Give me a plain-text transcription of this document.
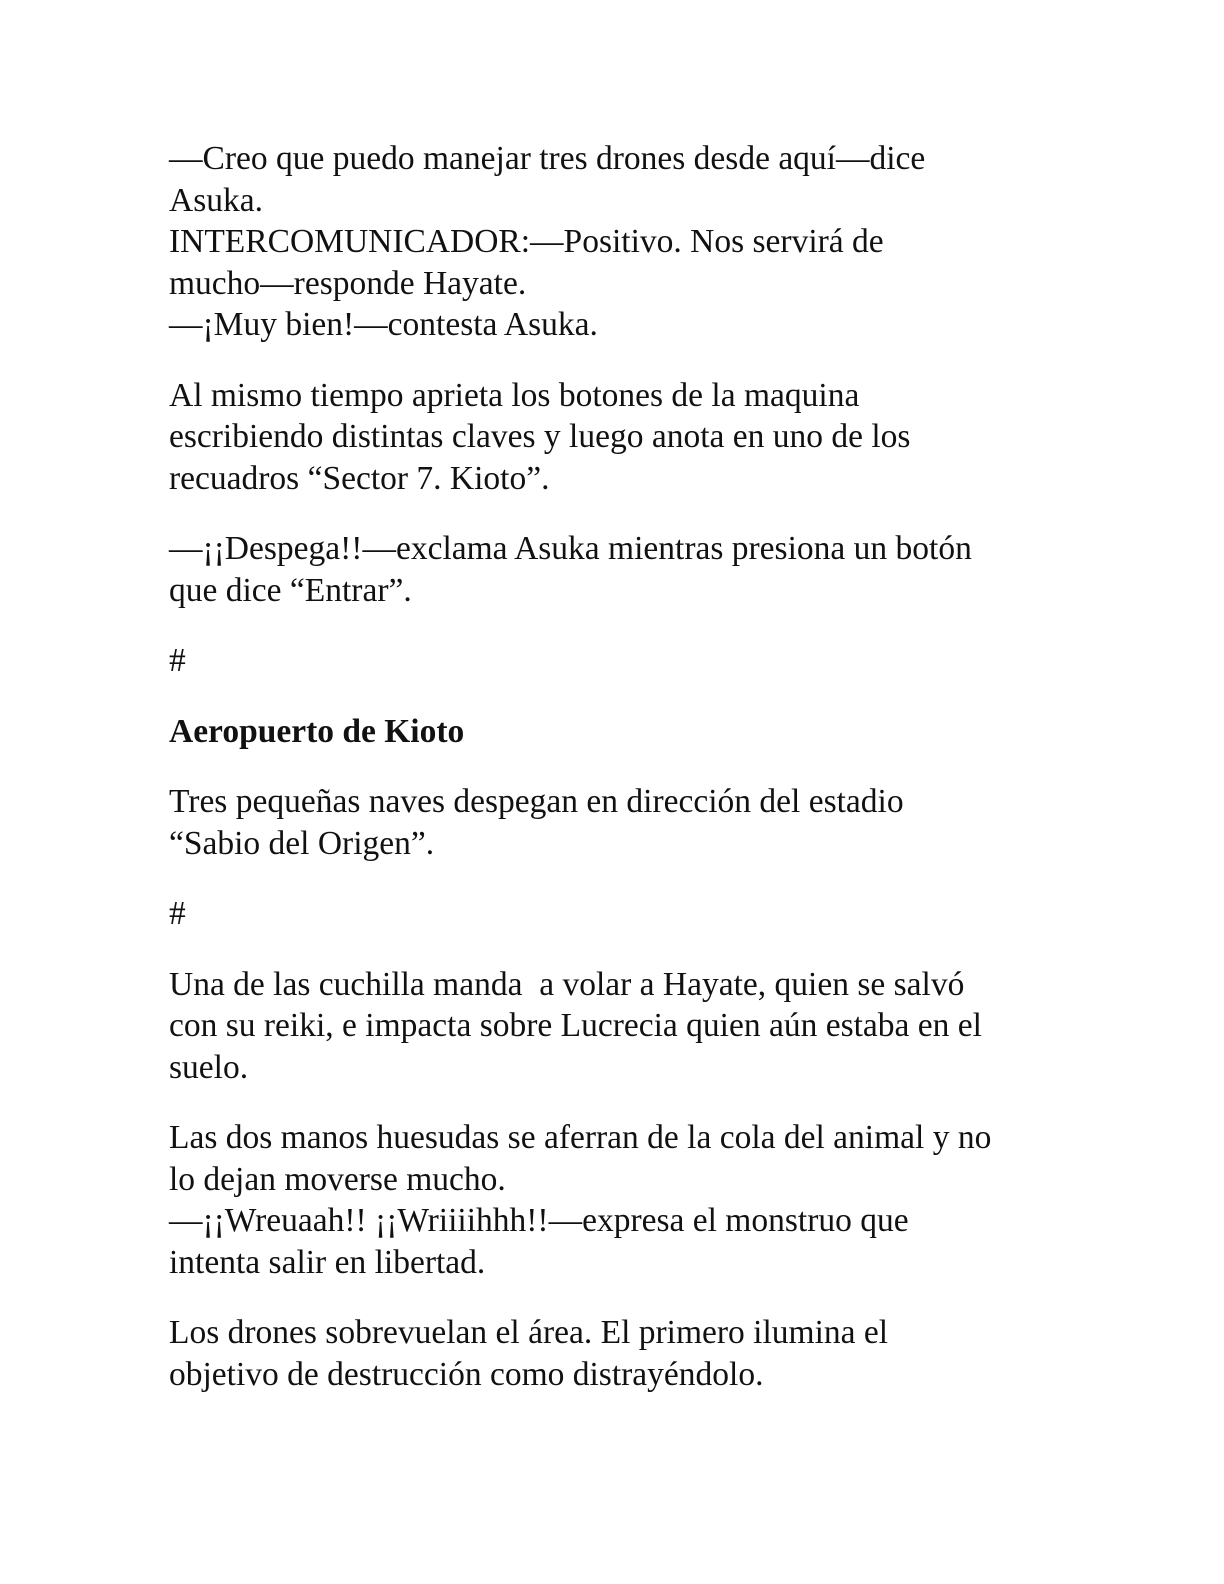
—Creo que puedo manejar tres drones desde aquí—dice
Asuka.
INTERCOMUNICADOR:—Positivo. Nos servirá de
mucho—responde Hayate.
—¡Muy bien!—contesta Asuka.
Al mismo tiempo aprieta los botones de la maquina
escribiendo distintas claves y luego anota en uno de los
recuadros “Sector 7. Kioto”.
—¡¡Despega!!—exclama Asuka mientras presiona un botón
que dice “Entrar”.
#
Aeropuerto de Kioto
Tres pequeñas naves despegan en dirección del estadio
“Sabio del Origen”.
#
Una de las cuchilla manda  a volar a Hayate, quien se salvó
con su reiki, e impacta sobre Lucrecia quien aún estaba en el
suelo.
Las dos manos huesudas se aferran de la cola del animal y no
lo dejan moverse mucho.
—¡¡Wreuaah!! ¡¡Wriiiihhh!!—expresa el monstruo que
intenta salir en libertad.
Los drones sobrevuelan el área. El primero ilumina el
objetivo de destrucción como distrayéndolo.
